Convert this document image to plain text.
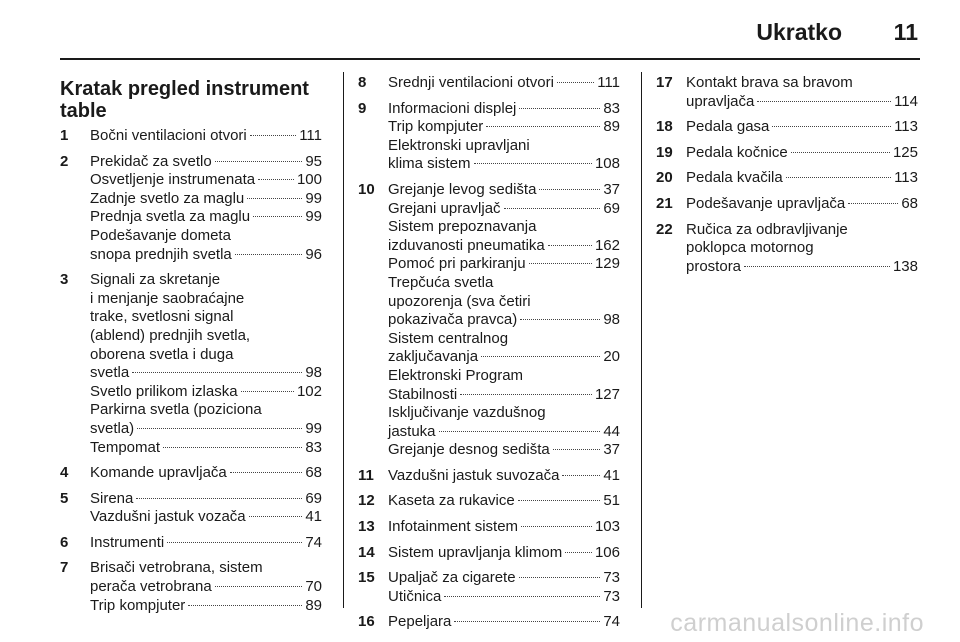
Ukratko 11
Kratak pregled instrument table
1 Bočni ventilacioni otvori	111
2 Prekidač za svetlo	95
Osvetljenje instrumenata	100
Zadnje svetlo za maglu	99
Prednja svetla za maglu	99
Podešavanje dometa
snopa prednjih svetla	96
3 Signali za skretanje
i menjanje saobraćajne
trake, svetlosni signal
(ablend) prednjih svetla,
oborena svetla i duga
svetla	98
Svetlo prilikom izlaska	102
Parkirna svetla (poziciona
svetla)	99
Tempomat	83
4 Komande upravljača	68
5 Sirena	69
Vazdušni jastuk vozača	41
6 Instrumenti	74
7 Brisači vetrobrana, sistem
perača vetrobrana	70
Trip kompjuter	89
8 Srednji ventilacioni otvori	111
9 Informacioni displej	83
Trip kompjuter	89
Elektronski upravljani
klima sistem	108
10 Grejanje levog sedišta	37
Grejani upravljač	69
Sistem prepoznavanja
izduvanosti pneumatika	162
Pomoć pri parkiranju	129
Trepčuća svetla
upozorenja (sva četiri
pokazivača pravca)	98
Sistem centralnog
zaključavanja	20
Elektronski Program
Stabilnosti	127
Isključivanje vazdušnog
jastuka	44
Grejanje desnog sedišta	37
11 Vazdušni jastuk suvozača	41
12 Kaseta za rukavice	51
13 Infotainment sistem	103
14 Sistem upravljanja klimom 106
15 Upaljač za cigarete	73
Utičnica	73
16 Pepeljara	74
17 Kontakt brava sa bravom
upravljača	114
18 Pedala gasa	113
19 Pedala kočnice	125
20 Pedala kvačila	113
21 Podešavanje upravljača	68
22 Ručica za odbravljivanje
poklopca motornog
prostora	138
carmanualsonline.info
